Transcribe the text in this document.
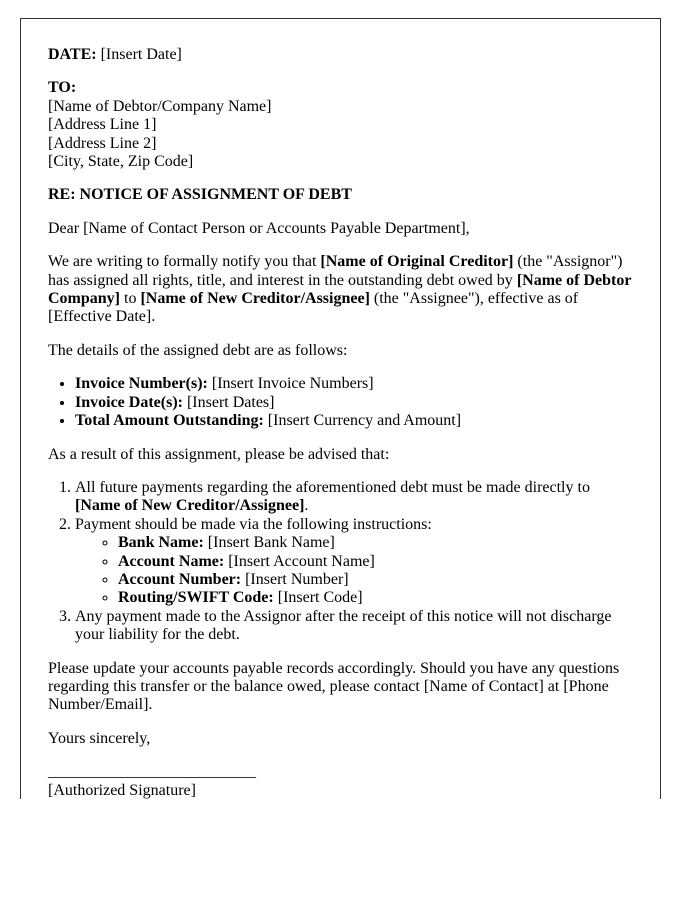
DATE: [Insert Date]

TO:
[Name of Debtor/Company Name]
[Address Line 1]
[Address Line 2]
[City, State, Zip Code]

RE: NOTICE OF ASSIGNMENT OF DEBT

Dear [Name of Contact Person or Accounts Payable Department],

We are writing to formally notify you that [Name of Original Creditor] (the "Assignor") has assigned all rights, title, and interest in the outstanding debt owed by [Name of Debtor Company] to [Name of New Creditor/Assignee] (the "Assignee"), effective as of [Effective Date].

The details of the assigned debt are as follows:

• Invoice Number(s): [Insert Invoice Numbers]
• Invoice Date(s): [Insert Dates]
• Total Amount Outstanding: [Insert Currency and Amount]

As a result of this assignment, please be advised that:

1. All future payments regarding the aforementioned debt must be made directly to [Name of New Creditor/Assignee].
2. Payment should be made via the following instructions:
◦ Bank Name: [Insert Bank Name]
◦ Account Name: [Insert Account Name]
◦ Account Number: [Insert Number]
◦ Routing/SWIFT Code: [Insert Code]
3. Any payment made to the Assignor after the receipt of this notice will not discharge your liability for the debt.

Please update your accounts payable records accordingly. Should you have any questions regarding this transfer or the balance owed, please contact [Name of Contact] at [Phone Number/Email].

Yours sincerely,

__________________________
[Authorized Signature]
